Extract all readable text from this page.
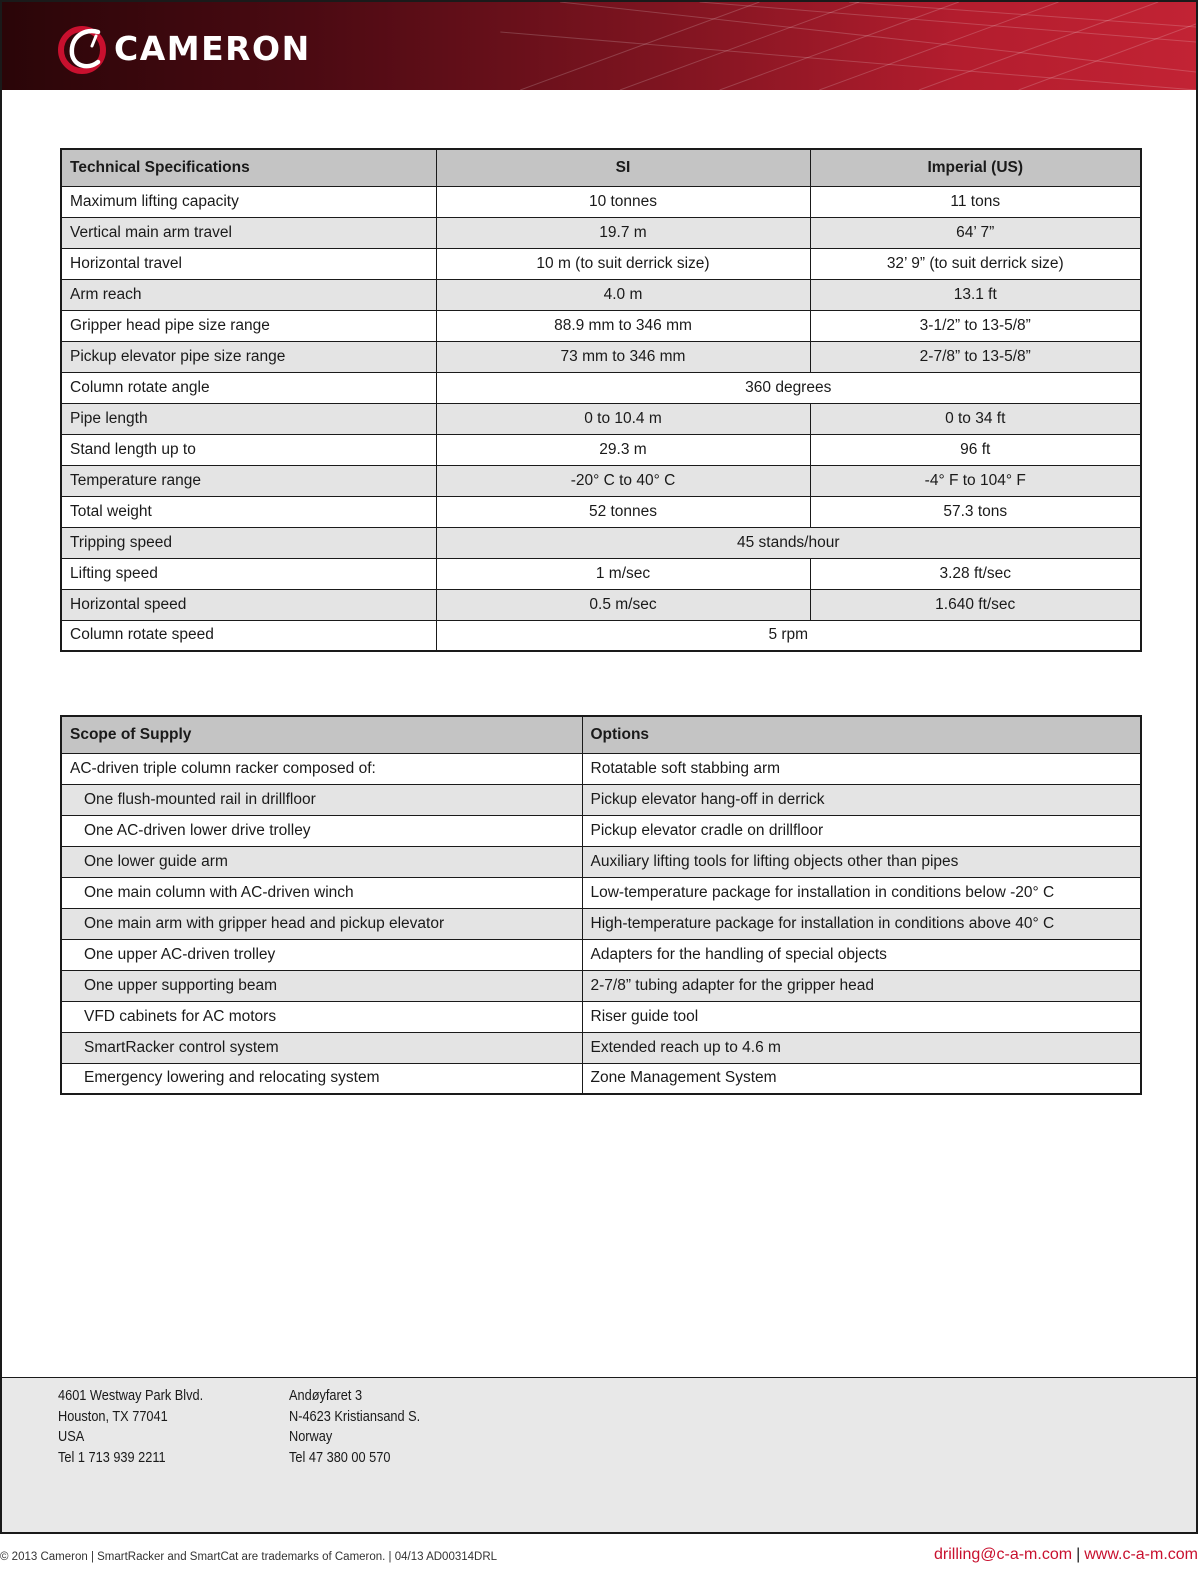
CAMERON
Technical Specifications	SI	Imperial (US)
Maximum lifting capacity	10 tonnes	11 tons
Vertical main arm travel	19.7 m	64’ 7”
Horizontal travel	10 m (to suit derrick size)	32’ 9” (to suit derrick size)
Arm reach	4.0 m	13.1 ft
Gripper head pipe size range	88.9 mm to 346 mm	3-1/2” to 13-5/8”
Pickup elevator pipe size range	73 mm to 346 mm	2-7/8” to 13-5/8”
Column rotate angle	360 degrees	
Pipe length	0 to 10.4 m	0 to 34 ft
Stand length up to	29.3 m	96 ft
Temperature range	-20° C to 40° C	-4° F to 104° F
Total weight	52 tonnes	57.3 tons
Tripping speed	45 stands/hour	
Lifting speed	1 m/sec	3.28 ft/sec
Horizontal speed	0.5 m/sec	1.640 ft/sec
Column rotate speed	5 rpm	
Scope of Supply	Options
AC-driven triple column racker composed of:	Rotatable soft stabbing arm
One flush-mounted rail in drillfloor	Pickup elevator hang-off in derrick
One AC-driven lower drive trolley	Pickup elevator cradle on drillfloor
One lower guide arm	Auxiliary lifting tools for lifting objects other than pipes
One main column with AC-driven winch	Low-temperature package for installation in conditions below -20° C
One main arm with gripper head and pickup elevator	High-temperature package for installation in conditions above 40° C
One upper AC-driven trolley	Adapters for the handling of special objects
One upper supporting beam	2-7/8” tubing adapter for the gripper head
VFD cabinets for AC motors	Riser guide tool
SmartRacker control system	Extended reach up to 4.6 m
Emergency lowering and relocating system	Zone Management System
4601 Westway Park Blvd.
Houston, TX 77041
USA
Tel 1 713 939 2211
Andøyfaret 3
N-4623 Kristiansand S.
Norway
Tel 47 380 00 570
© 2013 Cameron | SmartRacker and SmartCat are trademarks of Cameron. | 04/13 AD00314DRL	drilling@c-a-m.com | www.c-a-m.com
